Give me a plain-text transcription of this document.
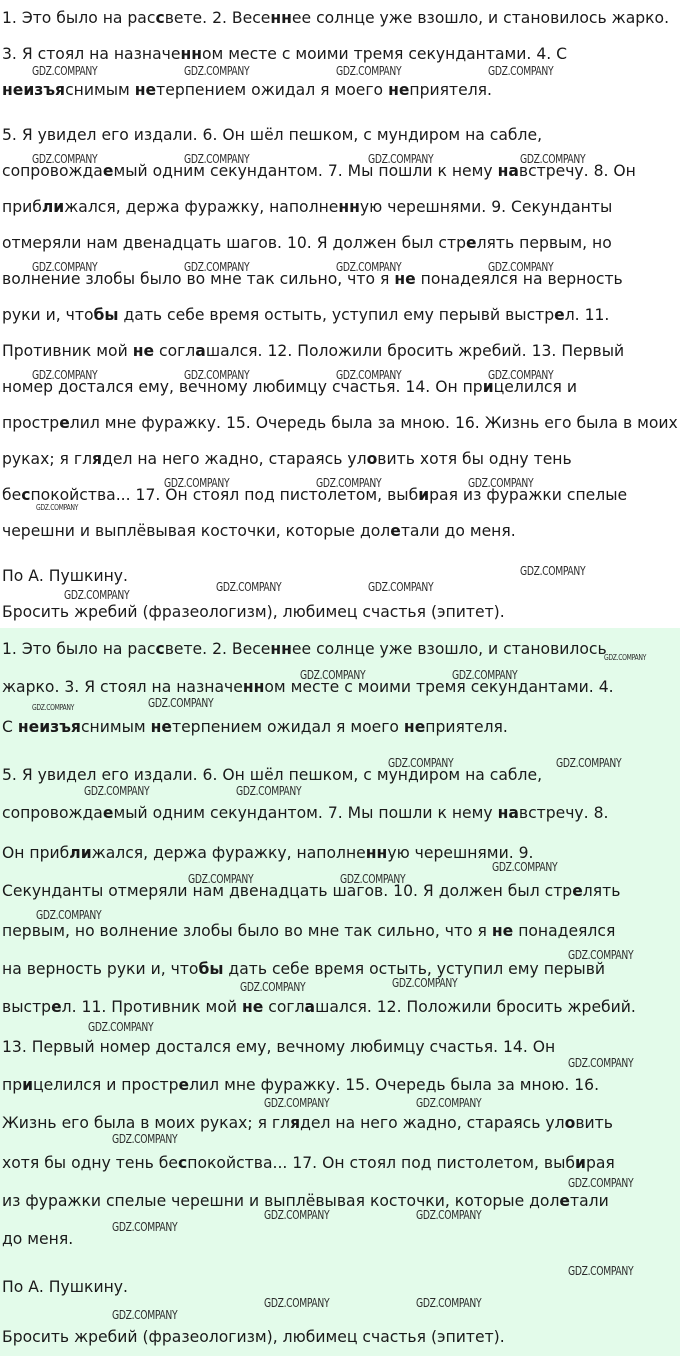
1. Это было на рассвете. 2. Весеннее солнце уже взошло, и становилось жарко.

3. Я стоял на назначенном месте с моими тремя секундантами. 4. С

неизъяснимым нетерпением ожидал я моего неприятеля.

5. Я увидел его издали. 6. Он шёл пешком, с мундиром на сабле,

сопровождаемый одним секундантом. 7. Мы пошли к нему навстречу. 8. Он

приближался, держа фуражку, наполненную черешнями. 9. Секунданты

отмеряли нам двенадцать шагов. 10. Я должен был стрелять первым, но

волнение злобы было во мне так сильно, что я не понадеялся на верность

руки и, чтобы дать себе время остыть, уступил ему перывй выстрел. 11.

Противник мой не соглашался. 12. Положили бросить жребий. 13. Первый

номер достался ему, вечному любимцу счастья. 14. Он прицелился и

прострелил мне фуражку. 15. Очередь была за мною. 16. Жизнь его была в моих

руках; я глядел на него жадно, стараясь уловить хотя бы одну тень

беспокойства... 17. Он стоял под пистолетом, выбирая из фуражки спелые

черешни и выплёвывая косточки, которые долетали до меня.

По А. Пушкину.

Бросить жребий (фразеологизм), любимец счастья (эпитет).

1. Это было на рассвете. 2. Весеннее солнце уже взошло, и становилось

жарко. 3. Я стоял на назначенном месте с моими тремя секундантами. 4.

С неизъяснимым нетерпением ожидал я моего неприятеля.

5. Я увидел его издали. 6. Он шёл пешком, с мундиром на сабле,

сопровождаемый одним секундантом. 7. Мы пошли к нему навстречу. 8.

Он приближался, держа фуражку, наполненную черешнями. 9.

Секунданты отмеряли нам двенадцать шагов. 10. Я должен был стрелять

первым, но волнение злобы было во мне так сильно, что я не понадеялся

на верность руки и, чтобы дать себе время остыть, уступил ему перывй

выстрел. 11. Противник мой не соглашался. 12. Положили бросить жребий.

13. Первый номер достался ему, вечному любимцу счастья. 14. Он

прицелился и прострелил мне фуражку. 15. Очередь была за мною. 16.

Жизнь его была в моих руках; я глядел на него жадно, стараясь уловить

хотя бы одну тень беспокойства... 17. Он стоял под пистолетом, выбирая

из фуражки спелые черешни и выплёвывая косточки, которые долетали

до меня.

По А. Пушкину.

Бросить жребий (фразеологизм), любимец счастья (эпитет).

GDZ.COMPANY	GDZ.COMPANY	GDZ.COMPANY	GDZ.COMPANY
GDZ.COMPANY	GDZ.COMPANY	GDZ.COMPANY	GDZ.COMPANY
GDZ.COMPANY	GDZ.COMPANY	GDZ.COMPANY	GDZ.COMPANY
GDZ.COMPANY	GDZ.COMPANY	GDZ.COMPANY	GDZ.COMPANY
GDZ.COMPANY	GDZ.COMPANY	GDZ.COMPANY
GDZ.COMPANY
GDZ.COMPANY	GDZ.COMPANY
GDZ.COMPANY
GDZ.COMPANY	GDZ.COMPANY
GDZ.COMPANY
GDZ.COMPANY	GDZ.COMPANY
GDZ.COMPANY	GDZ.COMPANY
GDZ.COMPANY	GDZ.COMPANY
GDZ.COMPANY
GDZ.COMPANY
GDZ.COMPANY
GDZ.COMPANY	GDZ.COMPANY
GDZ.COMPANY
GDZ.COMPANY
GDZ.COMPANY	GDZ.COMPANY
GDZ.COMPANY
GDZ.COMPANY
GDZ.COMPANY	GDZ.COMPANY
GDZ.COMPANY
GDZ.COMPANY
GDZ.COMPANY	GDZ.COMPANY
GDZ.COMPANY
GDZ.COMPANY
GDZ.COMPANY
GDZ.COMPANY
